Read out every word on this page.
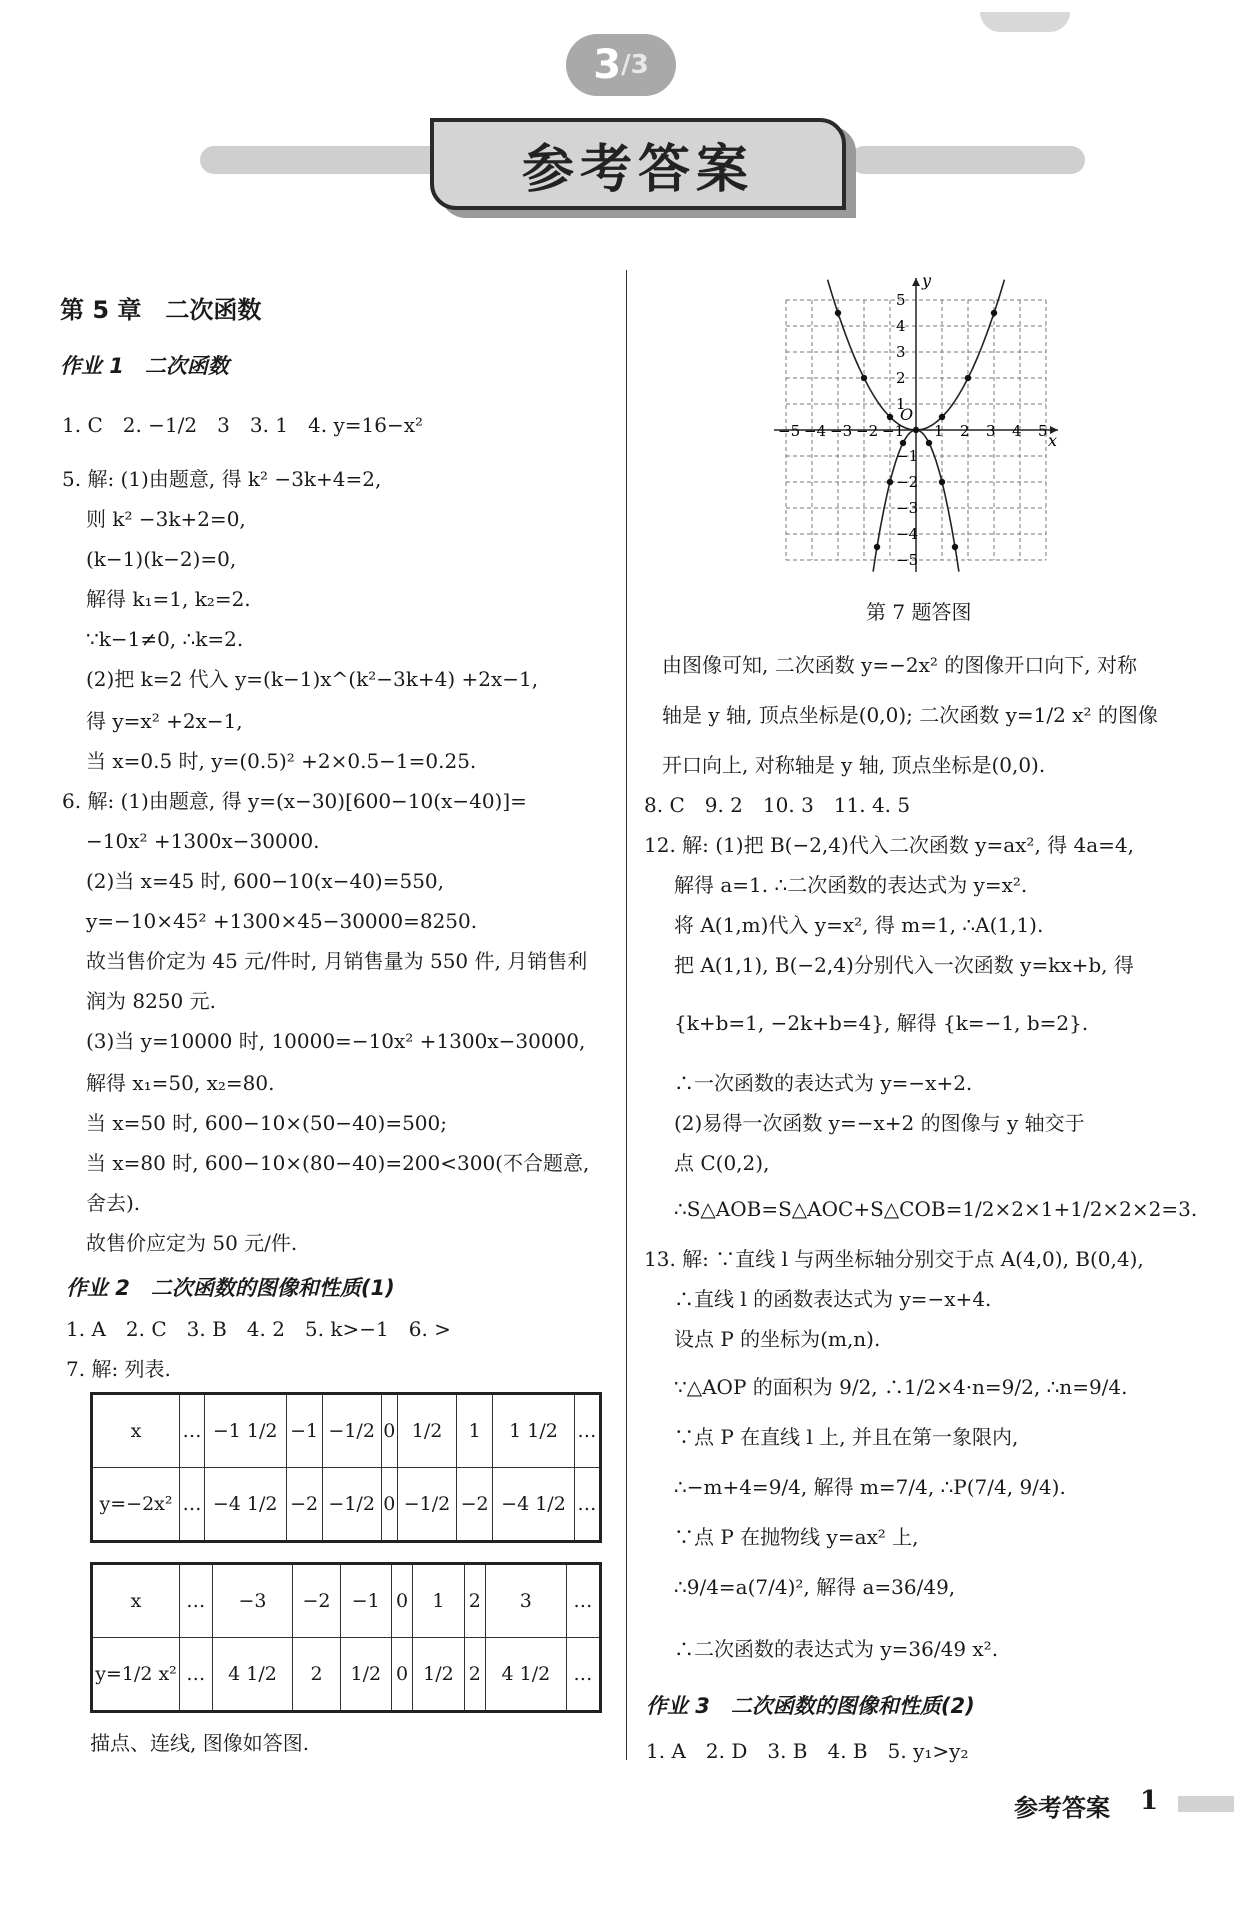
3 /3
参考答案
第 5 章　二次函数
作业 1　二次函数
1. C　2. −1/2　3　3. 1　4. y=16−x²
5. 解: (1)由题意, 得 k² −3k+4=2,
则 k² −3k+2=0,
(k−1)(k−2)=0,
解得 k₁=1, k₂=2.
∵k−1≠0, ∴k=2.
(2)把 k=2 代入 y=(k−1)x^(k²−3k+4) +2x−1,
得 y=x² +2x−1,
当 x=0.5 时, y=(0.5)² +2×0.5−1=0.25.
6. 解: (1)由题意, 得 y=(x−30)[600−10(x−40)]=
−10x² +1300x−30000.
(2)当 x=45 时, 600−10(x−40)=550,
y=−10×45² +1300×45−30000=8250.
故当售价定为 45 元/件时, 月销售量为 550 件, 月销售利
润为 8250 元.
(3)当 y=10000 时, 10000=−10x² +1300x−30000,
解得 x₁=50, x₂=80.
当 x=50 时, 600−10×(50−40)=500;
当 x=80 时, 600−10×(80−40)=200<300(不合题意,
舍去).
故售价应定为 50 元/件.
作业 2　二次函数的图像和性质(1)
1. A　2. C　3. B　4. 2　5. k>−1　6. >
7. 解: 列表.
x	…	−1 1/2	−1	−1/2	0	1/2	1	1 1/2	…
y=−2x²	…	−4 1/2	−2	−1/2	0	−1/2	−2	−4 1/2	…
x	…	−3	−2	−1	0	1	2	3	…
y=1/2 x²	…	4 1/2	2	1/2	0	1/2	2	4 1/2	…
描点、连线, 图像如答图.
x
y
O
−5 −4 −3 −2 −1 1 2 3 4 5
5
4
3
2
1
−1
−2
−3
−4
−5
第 7 题答图
由图像可知, 二次函数 y=−2x² 的图像开口向下, 对称
轴是 y 轴, 顶点坐标是(0,0); 二次函数 y=1/2 x² 的图像
开口向上, 对称轴是 y 轴, 顶点坐标是(0,0).
8. C　9. 2　10. 3　11. 4. 5
12. 解: (1)把 B(−2,4)代入二次函数 y=ax², 得 4a=4,
解得 a=1. ∴二次函数的表达式为 y=x².
将 A(1,m)代入 y=x², 得 m=1, ∴A(1,1).
把 A(1,1), B(−2,4)分别代入一次函数 y=kx+b, 得
{k+b=1, −2k+b=4}, 解得 {k=−1, b=2}.
∴一次函数的表达式为 y=−x+2.
(2)易得一次函数 y=−x+2 的图像与 y 轴交于
点 C(0,2),
∴S△AOB=S△AOC+S△COB=1/2×2×1+1/2×2×2=3.
13. 解: ∵直线 l 与两坐标轴分别交于点 A(4,0), B(0,4),
∴直线 l 的函数表达式为 y=−x+4.
设点 P 的坐标为(m,n).
∵△AOP 的面积为 9/2, ∴1/2×4·n=9/2, ∴n=9/4.
∵点 P 在直线 l 上, 并且在第一象限内,
∴−m+4=9/4, 解得 m=7/4, ∴P(7/4, 9/4).
∵点 P 在抛物线 y=ax² 上,
∴9/4=a(7/4)², 解得 a=36/49,
∴二次函数的表达式为 y=36/49 x².
作业 3　二次函数的图像和性质(2)
1. A　2. D　3. B　4. B　5. y₁>y₂
参考答案 1
